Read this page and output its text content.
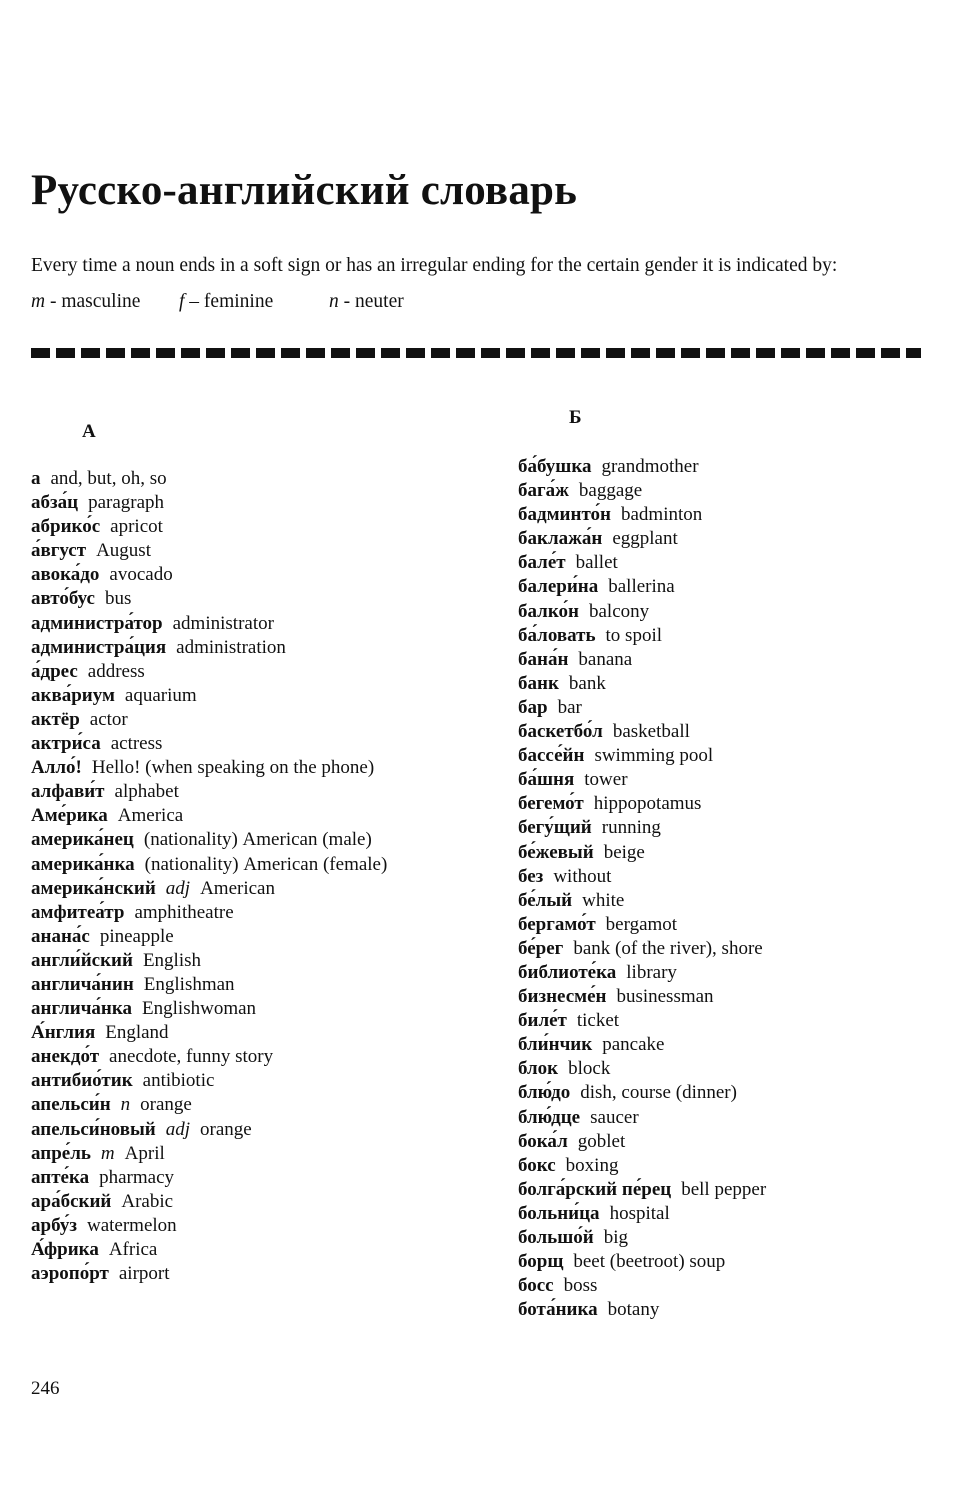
Русско-английский словарь
Every time a noun ends in a soft sign or has an irregular ending for the certain gender it is indicated by:
m - masculine f – feminine	n - neuter
А
а and, but, oh, so
абза́ц paragraph
абрико́с apricot
а́вгуст August
авока́до avocado
авто́бус bus
администра́тор administrator
администра́ция administration
а́дрес address
аква́риум aquarium
актёр actor
актри́са actress
Алло́! Hello! (when speaking on the phone)
алфави́т alphabet
Аме́рика America
америка́нец (nationality) American (male)
америка́нка (nationality) American (female)
америка́нский adj American
амфитеа́тр amphitheatre
анана́с pineapple
англи́йский English
англича́нин Englishman
англича́нка Englishwoman
А́нглия England
анекдо́т anecdote, funny story
антибио́тик antibiotic
апельси́н n orange
апельси́новый adj orange
апре́ль m April
апте́ка pharmacy
ара́бский Arabic
арбу́з watermelon
А́фрика Africa
аэропо́рт airport
Б
ба́бушка grandmother
бага́ж baggage
бадминто́н badminton
баклажа́н eggplant
бале́т ballet
балери́на ballerina
балко́н balcony
ба́ловать to spoil
бана́н banana
банк bank
бар bar
баскетбо́л basketball
бассе́йн swimming pool
ба́шня tower
бегемо́т hippopotamus
бегу́щий running
бе́жевый beige
без without
бе́лый white
бергамо́т bergamot
бе́рег bank (of the river), shore
библиоте́ка library
бизнесме́н businessman
биле́т ticket
бли́нчик pancake
блок block
блю́до dish, course (dinner)
блю́дце saucer
бока́л goblet
бокс boxing
болга́рский пе́рец bell pepper
больни́ца hospital
большо́й big
борщ beet (beetroot) soup
босс boss
бота́ника botany
246
